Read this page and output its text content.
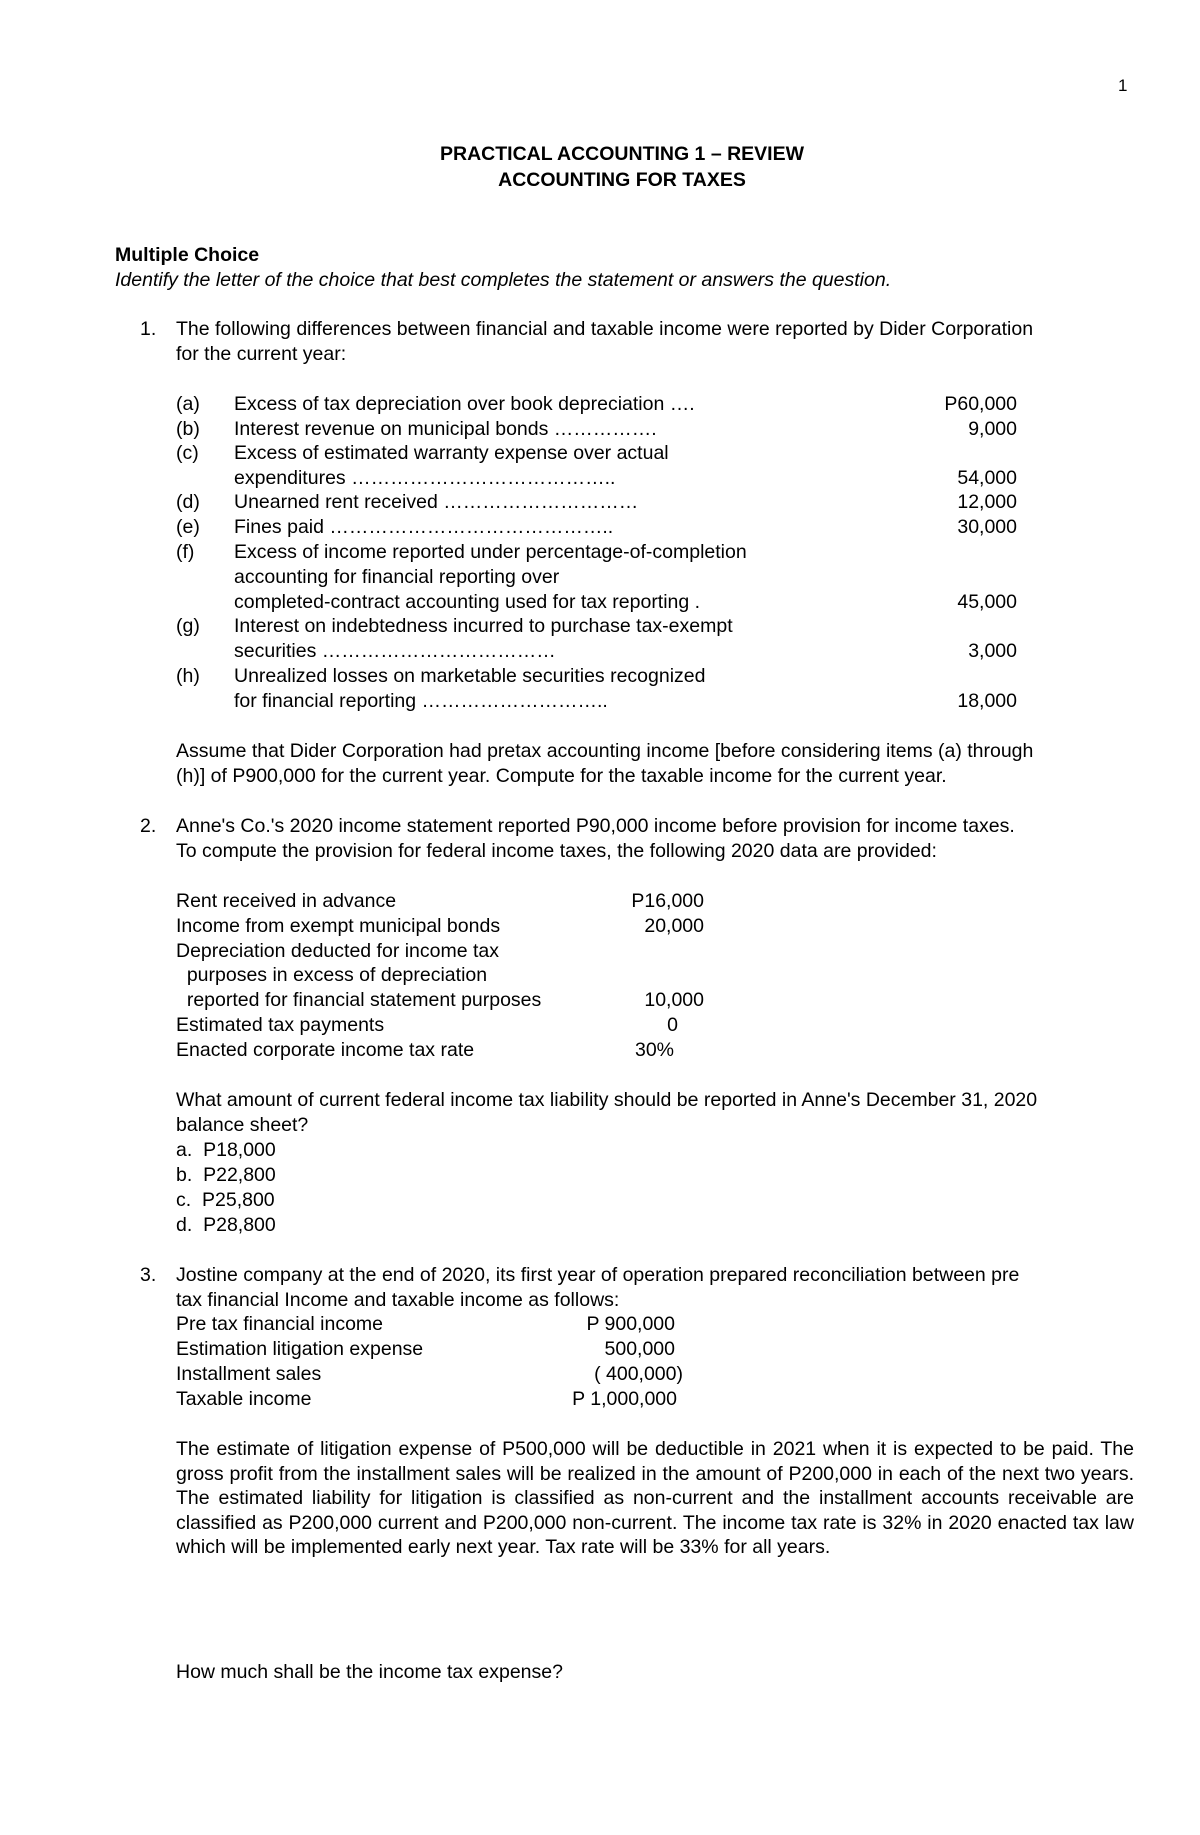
1
PRACTICAL ACCOUNTING 1 – REVIEW
ACCOUNTING FOR TAXES
Multiple Choice
Identify the letter of the choice that best completes the statement or answers the question.
1. The following differences between financial and taxable income were reported by Dider Corporation
for the current year:
(a) Excess of tax depreciation over book depreciation ….	P60,000
(b) Interest revenue on municipal bonds …………….	9,000
(c) Excess of estimated warranty expense over actual
expenditures …………………………………..	54,000
(d) Unearned rent received …………………………	12,000
(e) Fines paid ……………………………………..	30,000
(f) Excess of income reported under percentage-of-completion
accounting for financial reporting over
completed-contract accounting used for tax reporting .	45,000
(g) Interest on indebtedness incurred to purchase tax-exempt
securities ………………………………	3,000
(h) Unrealized losses on marketable securities recognized
for financial reporting ………………………..	18,000
Assume that Dider Corporation had pretax accounting income [before considering items (a) through
(h)] of P900,000 for the current year. Compute for the taxable income for the current year.
2. Anne's Co.'s 2020 income statement reported P90,000 income before provision for income taxes.
To compute the provision for federal income taxes, the following 2020 data are provided:
Rent received in advance	P16,000
Income from exempt municipal bonds	20,000
Depreciation deducted for income tax
purposes in excess of depreciation
reported for financial statement purposes	10,000
Estimated tax payments	0
Enacted corporate income tax rate	30%
What amount of current federal income tax liability should be reported in Anne's December 31, 2020
balance sheet?
a.  P18,000
b.  P22,800
c.  P25,800
d.  P28,800
3. Jostine company at the end of 2020, its first year of operation prepared reconciliation between pre
tax financial Income and taxable income as follows:
Pre tax financial income	P 900,000
Estimation litigation expense	500,000
Installment sales	( 400,000)
Taxable income	P 1,000,000
The estimate of litigation expense of P500,000 will be deductible in 2021 when it is expected to be paid. The gross profit from the installment sales will be realized in the amount of P200,000 in each of the next two years. The estimated liability for litigation is classified as non-current and the installment accounts receivable are classified as P200,000 current and P200,000 non-current. The income tax rate is 32% in 2020 enacted tax law which will be implemented early next year. Tax rate will be 33% for all years.
How much shall be the income tax expense?
